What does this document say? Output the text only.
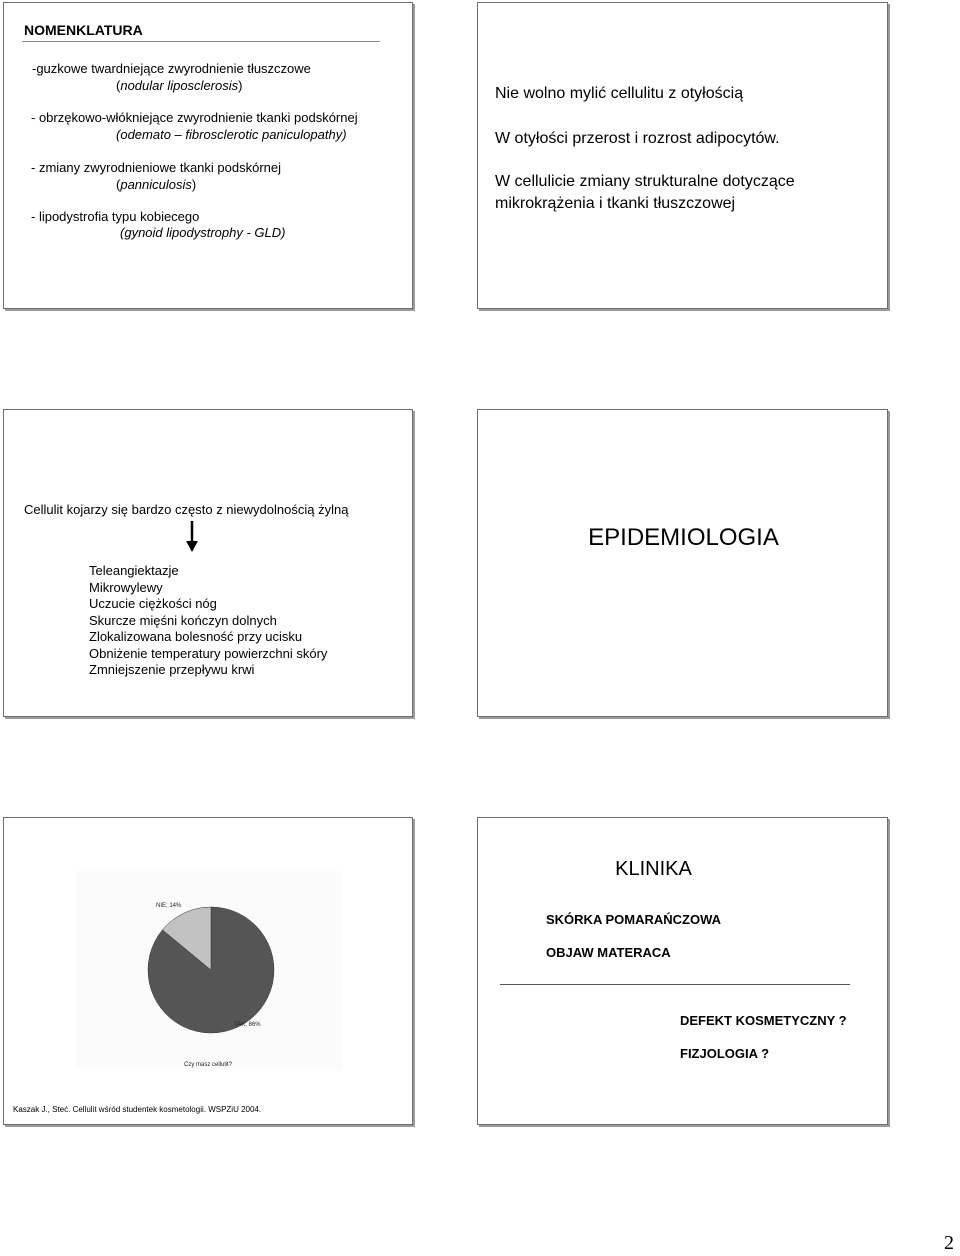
NOMENKLATURA
-guzkowe twardniejące zwyrodnienie tłuszczowe
(nodular liposclerosis)
- obrzękowo-włókniejące zwyrodnienie tkanki podskórnej
(odemato – fibrosclerotic paniculopathy)
- zmiany zwyrodnieniowe tkanki podskórnej
(panniculosis)
- lipodystrofia typu kobiecego
(gynoid lipodystrophy - GLD)
Nie wolno mylić cellulitu z otyłością
W otyłości przerost i rozrost adipocytów.
W cellulicie zmiany strukturalne dotyczące
mikrokrążenia i tkanki tłuszczowej
Cellulit kojarzy się bardzo często z niewydolnością żylną
Teleangiektazje
Mikrowylewy
Uczucie ciężkości nóg
Skurcze mięśni kończyn dolnych
Zlokalizowana bolesność przy ucisku
Obniżenie temperatury powierzchni skóry
Zmniejszenie przepływu krwi
EPIDEMIOLOGIA
NIE; 14%
TAK; 86%
Czy masz cellulit?
Kaszak J., Steć. Cellulit wśród studentek kosmetologii. WSPZiU 2004.
KLINIKA
SKÓRKA POMARAŃCZOWA
OBJAW MATERACA
DEFEKT KOSMETYCZNY ?
FIZJOLOGIA ?
2
